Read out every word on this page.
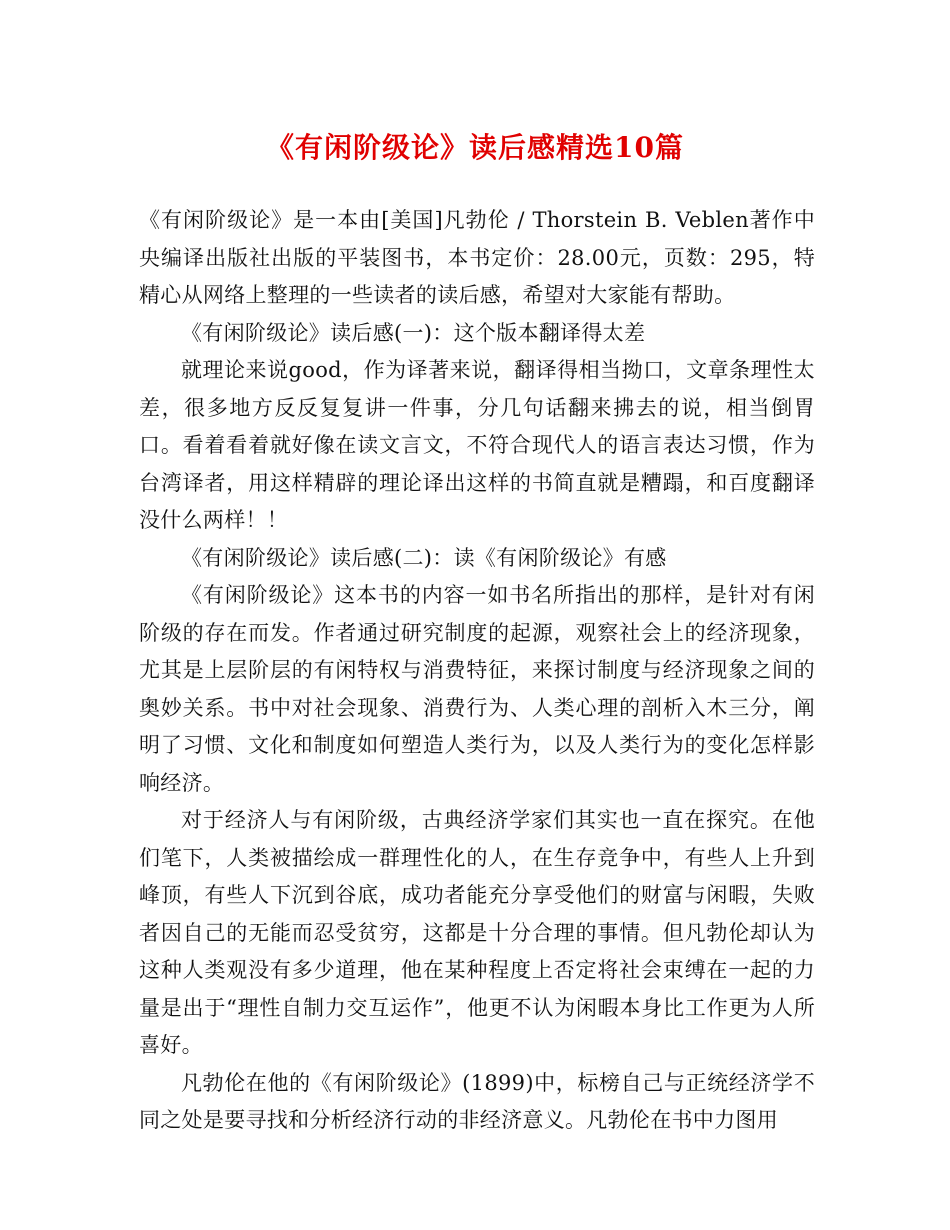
《有闲阶级论》读后感精选10篇

《有闲阶级论》是一本由[美国]凡勃伦 / Thorstein B. Veblen著作中央编译出版社出版的平装图书，本书定价：28.00元，页数：295，特精心从网络上整理的一些读者的读后感，希望对大家能有帮助。

《有闲阶级论》读后感(一)：这个版本翻译得太差

就理论来说good，作为译著来说，翻译得相当拗口，文章条理性太差，很多地方反反复复讲一件事，分几句话翻来拂去的说，相当倒胃口。看着看着就好像在读文言文，不符合现代人的语言表达习惯，作为台湾译者，用这样精辟的理论译出这样的书简直就是糟蹋，和百度翻译没什么两样！！

《有闲阶级论》读后感(二)：读《有闲阶级论》有感

《有闲阶级论》这本书的内容一如书名所指出的那样，是针对有闲阶级的存在而发。作者通过研究制度的起源，观察社会上的经济现象，尤其是上层阶层的有闲特权与消费特征，来探讨制度与经济现象之间的奥妙关系。书中对社会现象、消费行为、人类心理的剖析入木三分，阐明了习惯、文化和制度如何塑造人类行为，以及人类行为的变化怎样影响经济。

对于经济人与有闲阶级，古典经济学家们其实也一直在探究。在他们笔下，人类被描绘成一群理性化的人，在生存竞争中，有些人上升到峰顶，有些人下沉到谷底，成功者能充分享受他们的财富与闲暇，失败者因自己的无能而忍受贫穷，这都是十分合理的事情。但凡勃伦却认为这种人类观没有多少道理，他在某种程度上否定将社会束缚在一起的力量是出于“理性自制力交互运作”，他更不认为闲暇本身比工作更为人所喜好。

凡勃伦在他的《有闲阶级论》(1899)中，标榜自己与正统经济学不同之处是要寻找和分析经济行动的非经济意义。凡勃伦在书中力图用
